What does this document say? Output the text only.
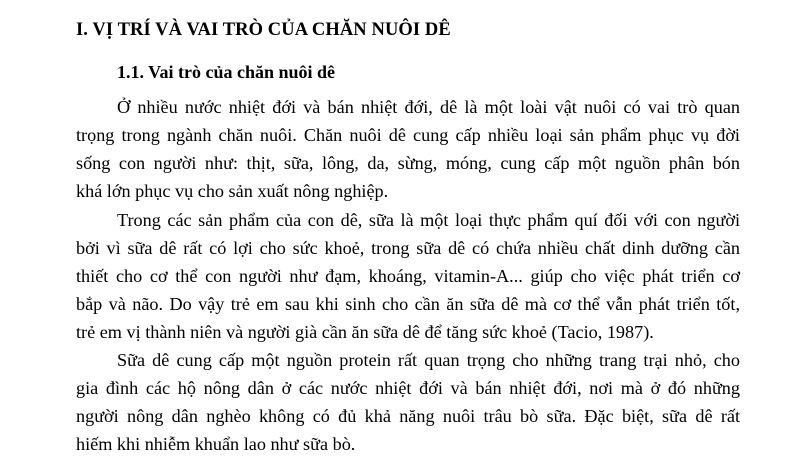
I. VỊ TRÍ VÀ VAI TRÒ CỦA CHĂN NUÔI DÊ
1.1. Vai trò của chăn nuôi dê

Ở nhiều nước nhiệt đới và bán nhiệt đới, dê là một loài vật nuôi có vai trò quan
trọng trong ngành chăn nuôi. Chăn nuôi dê cung cấp nhiều loại sản phẩm phục vụ đời
sống con người như: thịt, sữa, lông, da, sừng, móng, cung cấp một nguồn phân bón
khá lớn phục vụ cho sản xuất nông nghiệp.

Trong các sản phẩm của con dê, sữa là một loại thực phẩm quí đối với con người
bởi vì sữa dê rất có lợi cho sức khoẻ, trong sữa dê có chứa nhiều chất dinh dưỡng cần
thiết cho cơ thể con người như đạm, khoáng, vitamin-A... giúp cho việc phát triển cơ
bắp và não. Do vậy trẻ em sau khi sinh cho cần ăn sữa dê mà cơ thể vẫn phát triển tốt,
trẻ em vị thành niên và người già cần ăn sữa dê để tăng sức khoẻ (Tacio, 1987).

Sữa dê cung cấp một nguồn protein rất quan trọng cho những trang trại nhỏ, cho
gia đình các hộ nông dân ở các nước nhiệt đới và bán nhiệt đới, nơi mà ở đó những
người nông dân nghèo không có đủ khả năng nuôi trâu bò sữa. Đặc biệt, sữa dê rất
hiếm khi nhiễm khuẩn lao như sữa bò.
